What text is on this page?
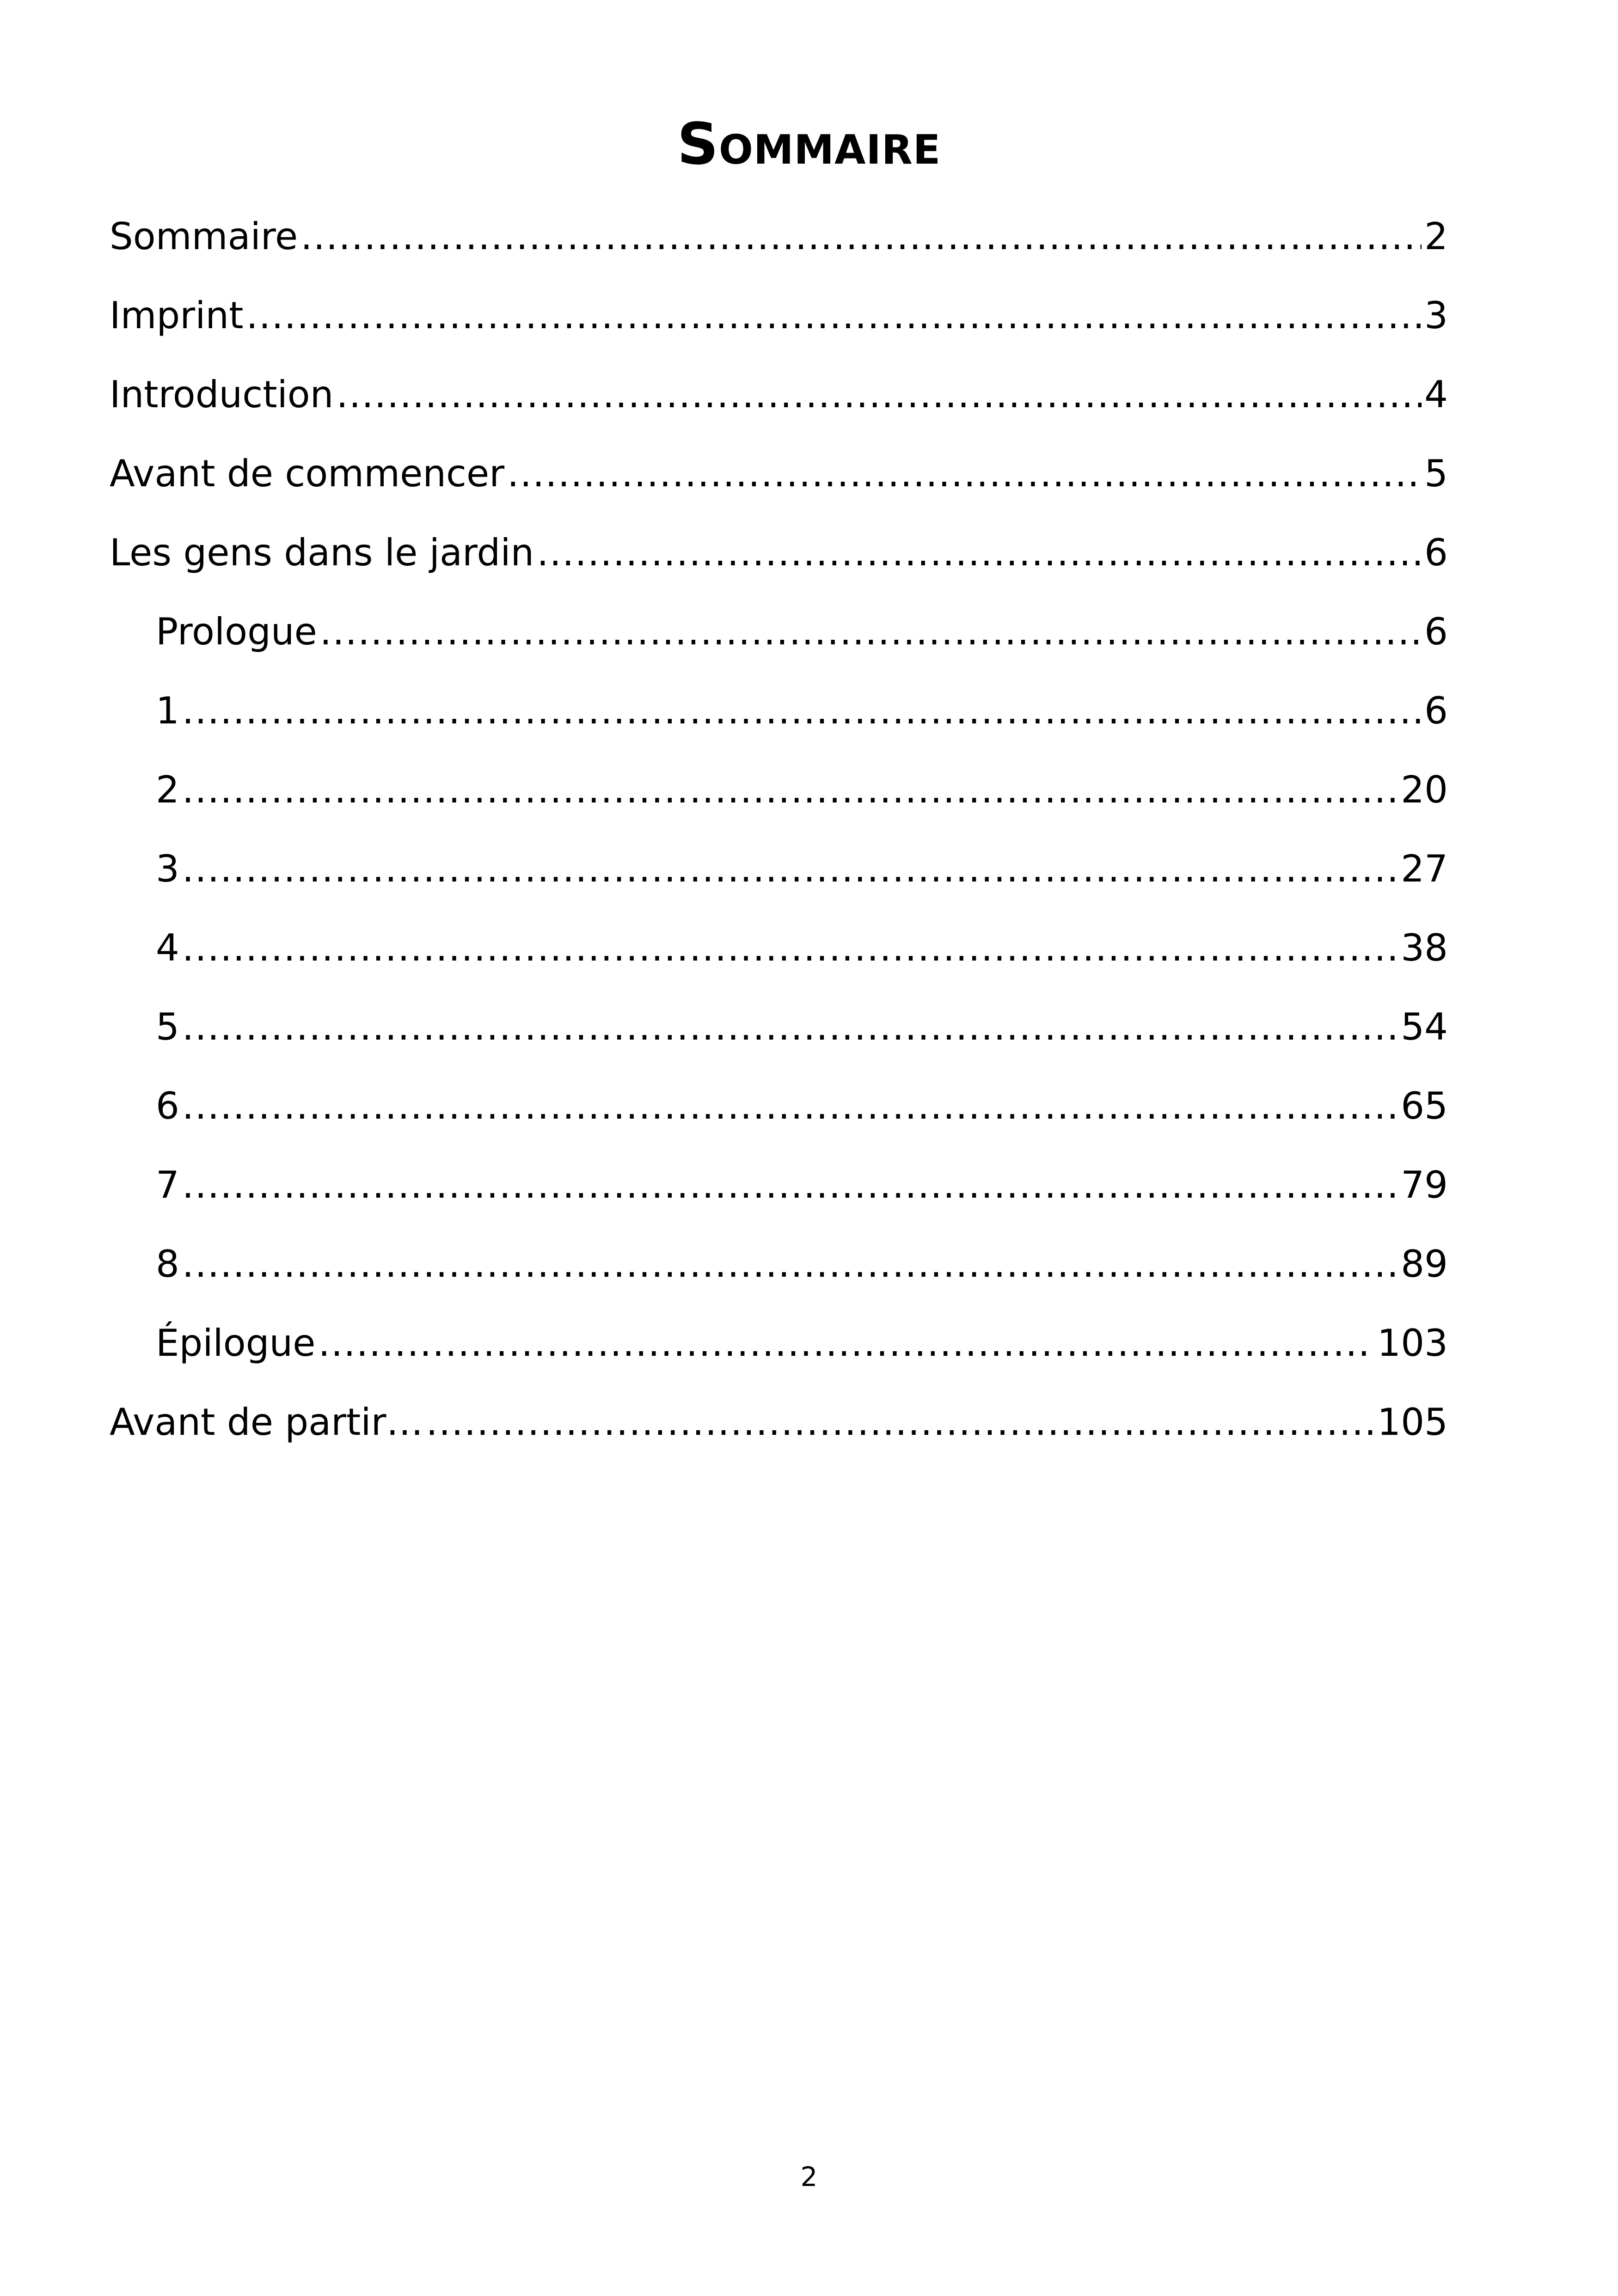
Sommaire
Sommaire .....	2
Imprint .....	3
Introduction .....	4
Avant de commencer .....	5
Les gens dans le jardin .....	6
Prologue .....	6
1 .....	6
2 .....	20
3 .....	27
4 .....	38
5 .....	54
6 .....	65
7 .....	79
8 .....	89
Épilogue .....	103
Avant de partir… .....	105
2
